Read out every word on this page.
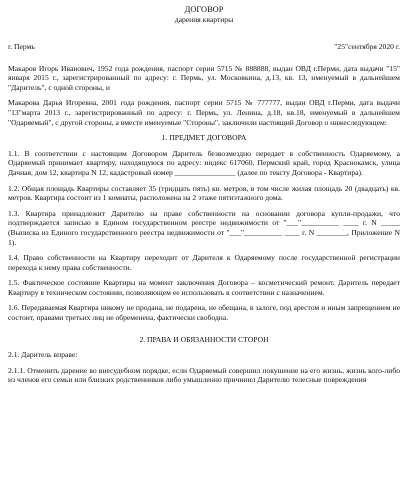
ДОГОВОР
дарения квартиры
г. Пермь	"25"сентября 2020 г.

Макаров Игорь Иванович, 1952 года рождения, паспорт серии 5715 № 888888, выдан ОВД г.Перми, дата выдачи "15" января 2015 г., зарегистрированный по адресу: г. Пермь, ул. Московкина, д.13, кв. 13, именуемый в дальнейшем "Даритель", с одной стороны, и

Макарова Дарья Игоревна, 2001 года рождения, паспорт серии 5715 № 777777, выдан ОВД г.Перми, дата выдачи "13"марта 2013 г., зарегистрированный по адресу: г. Пермь, ул. Ленина, д.18, кв.18, именуемый в дальнейшем "Одаряемый", с другой стороны, а вместе именуемые "Стороны", заключили настоящий Договор о нижеследующем:

1. ПРЕДМЕТ ДОГОВОРА

1.1. В соответствии с настоящим Договором Даритель безвозмездно передает в собственность Одаряемому, а Одаряемый принимает квартиру, находящуюся по адресу: индекс 617060, Пермский край, город Краснокамск, улица Дачная, дом 12, квартира N 12, кадастровый номер ________________ (далее по тексту Договора - Квартира).

1.2. Общая площадь Квартиры составляет 35 (тридцать пять) кв. метров, в том числе жилая площадь 20 (двадцать) кв. метров. Квартира состоит из 1 комнаты, расположена на 2 этаже пятиэтажного дома.

1.3. Квартира принадлежит Дарителю на праве собственности на основании договора купли-продажи, что подтверждается записью в Едином государственном реестре недвижимости от "___"__________ ____ г. N _____ (Выписка из Единого государственного реестра недвижимости от "___"__________ ____ г. N ________, Приложение N 1).

1.4. Право собственности на Квартиру переходит от Дарителя к Одаряемому после государственной регистрации перехода к нему права собственности.

1.5. Фактическое состояние Квартиры на момент заключения Договора – косметический ремонт. Даритель передает Квартиру в техническом состоянии, позволяющем ее использовать в соответствии с назначением.

1.6. Передаваемая Квартира никому не продана, не подарена, не обещана, в залоге, под арестом и иным запрещением не состоит, правами третьих лиц не обременена, фактически свободна.

2. ПРАВА И ОБЯЗАННОСТИ СТОРОН

2.1. Даритель вправе:

2.1.1. Отменить дарение во внесудебном порядке, если Одаряемый совершил покушение на его жизнь, жизнь кого-либо из членов его семьи или близких родственников либо умышленно причинил Дарителю телесные повреждения
